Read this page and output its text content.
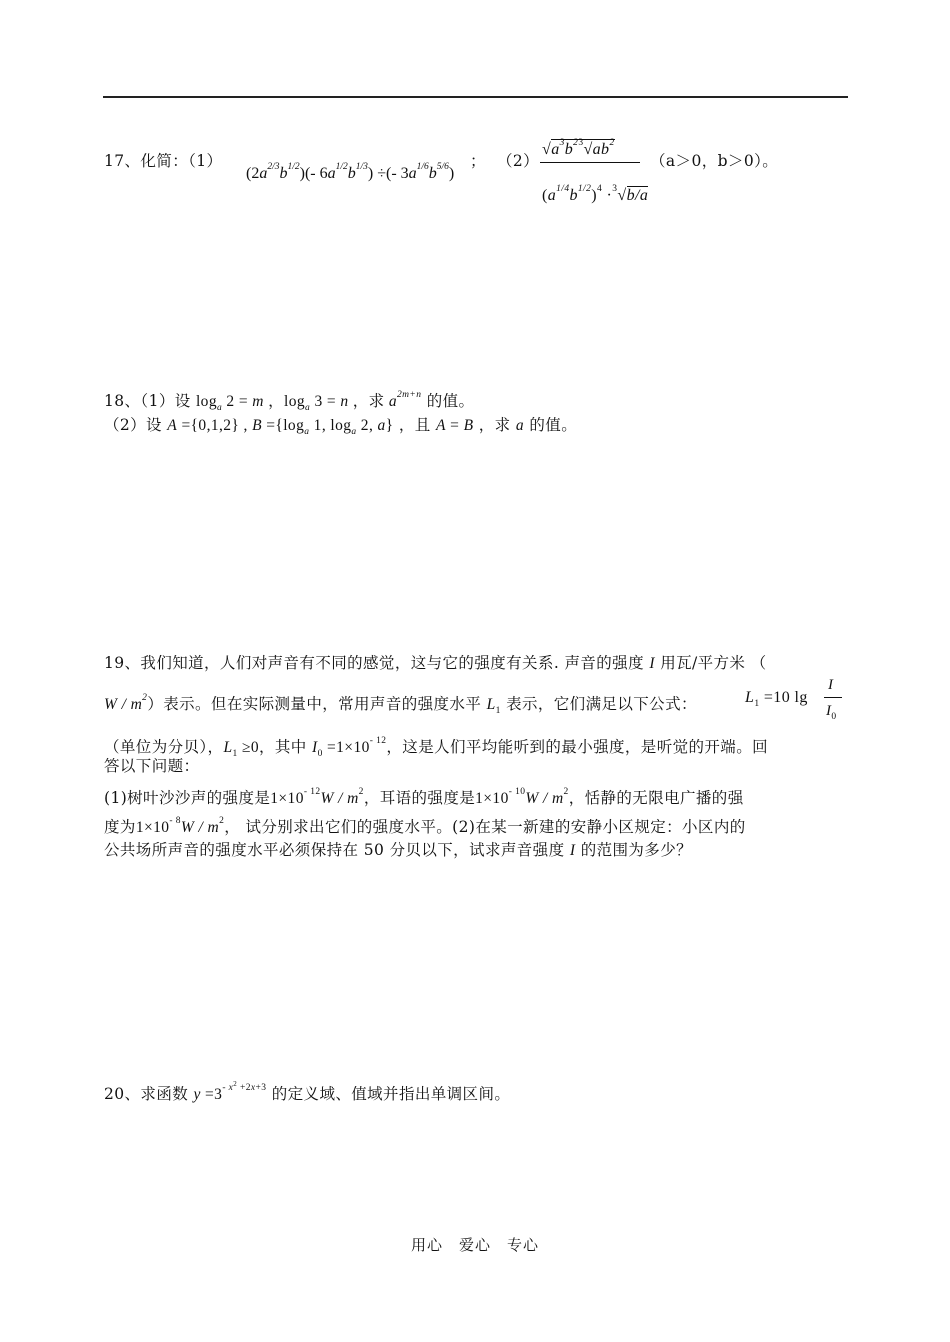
17、化简：（1）
$(2a^{2/3}b^{1/2})(-$ $6a^{1/2}b^{1/3}$) ÷(- $3a^{1/6}b^{5/6}$)
； （2）
$√a^3b^{23}√ab^2$
$(a^{1/4}b^{1/2})^4 \cdot^3√b/a$
（a＞0，b＞0）。
18、（1）设 $\log_a 2 = m$ ，$\log_a 3 = n$ ，求 $a^{2m+n}$ 的值。
（2）设 A ={0,1,2} , $B =\{\log_a$ 1, $\log_a 2$, a} ，且 A = B ，求 a 的值。
19、我们知道，人们对声音有不同的感觉，这与它的强度有关系. 声音的强度 I 用瓦/平方米 （
W / $m^2$）表示。但在实际测量中，常用声音的强度水平 $L_1$ 表示，它们满足以下公式：	$L_1 =10$ lg
I
$I_0$
（单位为分贝），$L_1 \ge 0$，其中 $I_0 =1\times 10^{- 12}$，这是人们平均能听到的最小强度，是听觉的开端。回
答以下问题：
(1)树叶沙沙声的强度是$1\times 10^{- 12}W / m^2$，耳语的强度是$1\times 10^{- 10}W / m^2$，恬静的无限电广播的强
度为$1\times 10^{- 8}W / m^2$， 试分别求出它们的强度水平。(2)在某一新建的安静小区规定：小区内的
公共场所声音的强度水平必须保持在 50 分贝以下，试求声音强度 I 的范围为多少？
20、求函数 $y =3^{- x^2 +2x+3}$ 的定义域、值域并指出单调区间。
用心　爱心　专心
